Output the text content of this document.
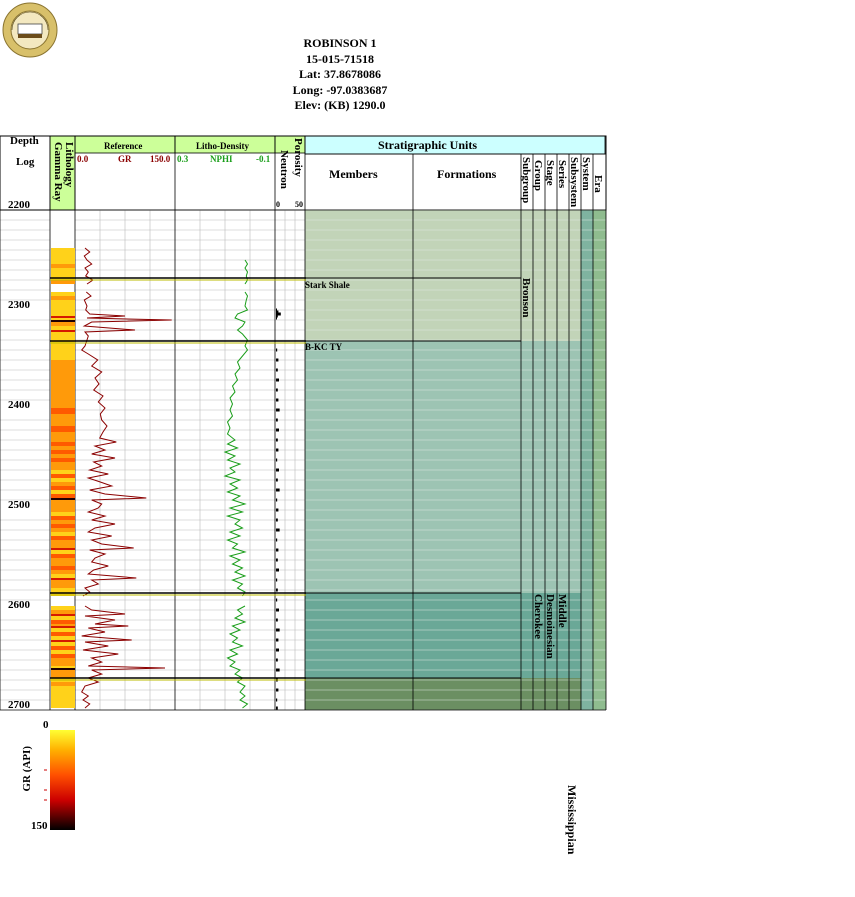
ROBINSON 1
15-015-71518
Lat: 37.8678086
Long: -97.0383687
Elev: (KB) 1290.0
Depth
Log	Lithology
Gamma Ray	Reference
0.0	GR 150.0
Litho-Density
0.3 NPHI	-0.1 Porosity
Neutron
0 50
Stratigraphic Units
Members	Formations Subgroup Group Stage Series Subsystem System Era
2200
2300
2400
2500
2600
2700
Stark Shale
B-KC TY
Bronson
Cherokee Desmoinesian Middle
Mississippian
0
150
GR (API)
